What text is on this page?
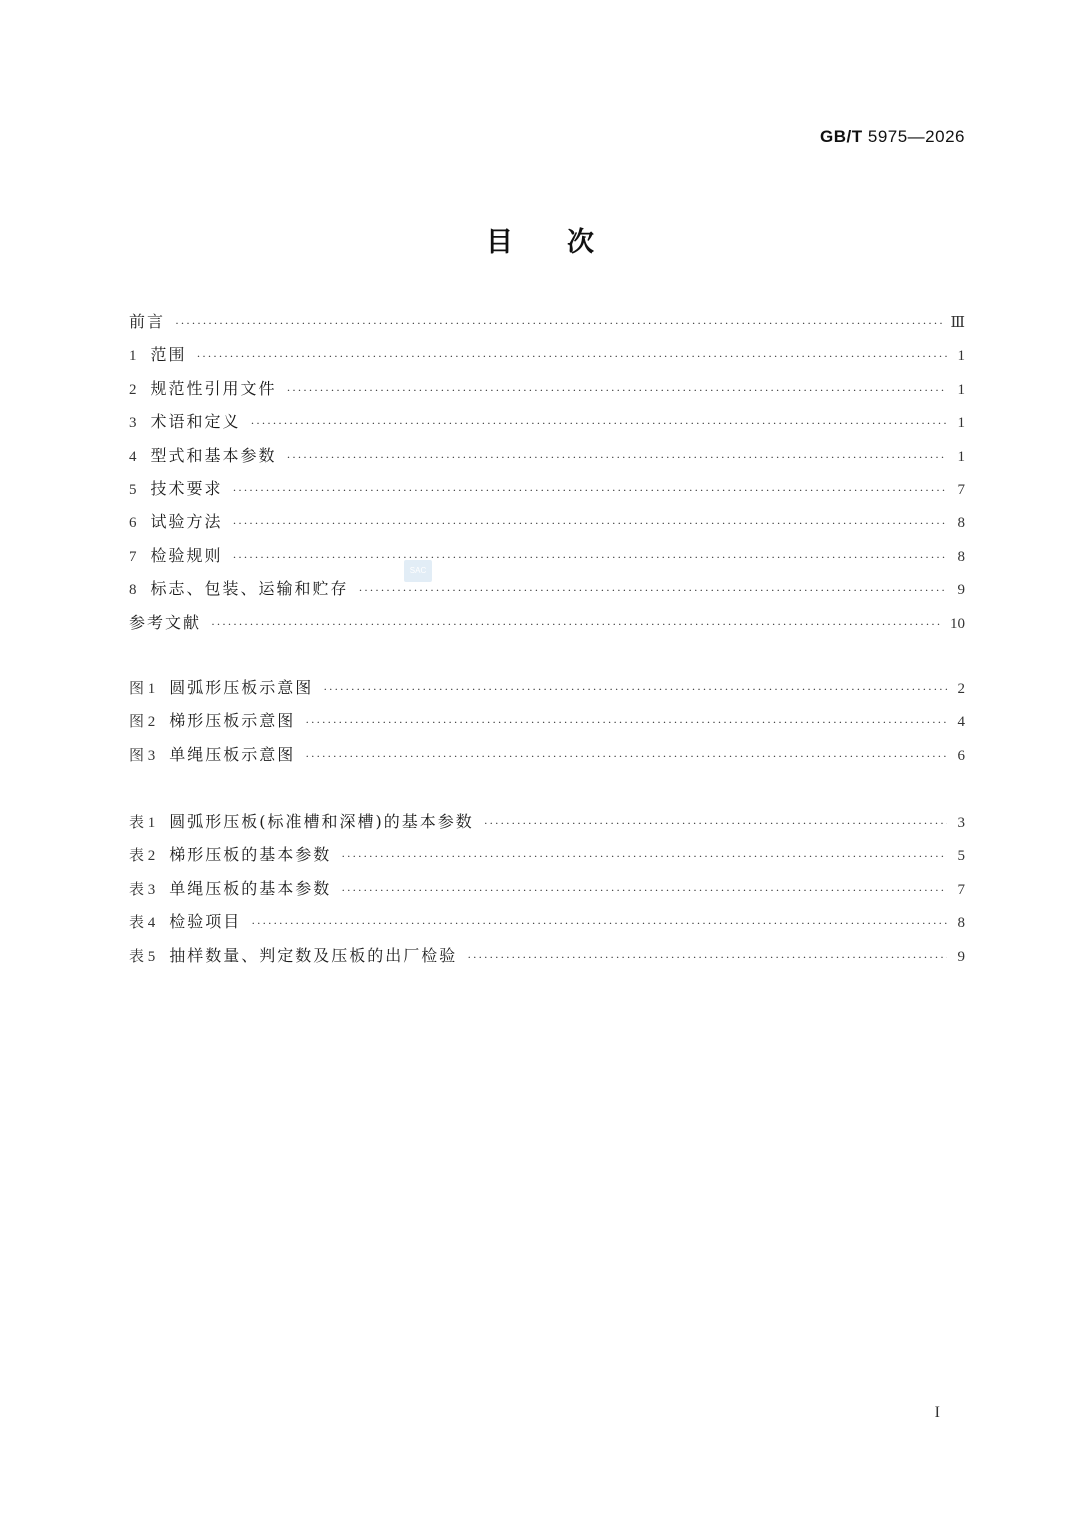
GB/T 5975—2026
目次
前言 ·····	Ⅲ
1 范围 ·····	1
2 规范性引用文件 ·····	1
3 术语和定义 ·····	1
4 型式和基本参数 ·····	1
5 技术要求 ·····	7
6 试验方法 ·····	8
7 检验规则 ·····	8
8 标志、包装、运输和贮存 ·····	9
参考文献 ·····	10
图 1 圆弧形压板示意图 ·····	2
图 2 梯形压板示意图 ·····	4
图 3 单绳压板示意图 ·····	6
表 1 圆弧形压板(标准槽和深槽)的基本参数 ·····	3
表 2 梯形压板的基本参数 ·····	5
表 3 单绳压板的基本参数 ·····	7
表 4 检验项目 ·····	8
表 5 抽样数量、判定数及压板的出厂检验 ·····	9
SAC
I
